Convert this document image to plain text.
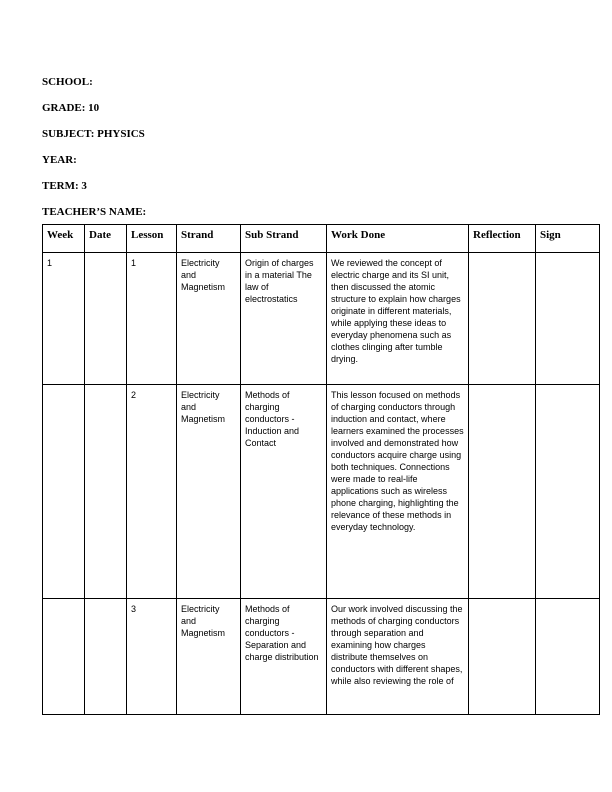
SCHOOL:
GRADE: 10
SUBJECT: PHYSICS
YEAR:
TERM: 3
TEACHER’S NAME:
Week	Date	Lesson	Strand	Sub Strand	Work Done	Reflection	Sign
1		1	Electricity and Magnetism	Origin of charges in a material The law of electrostatics	We reviewed the concept of electric charge and its SI unit, then discussed the atomic structure to explain how charges originate in different materials, while applying these ideas to everyday phenomena such as clothes clinging after tumble drying.		
		2	Electricity and Magnetism	Methods of charging conductors - Induction and Contact	This lesson focused on methods of charging conductors through induction and contact, where learners examined the processes involved and demonstrated how conductors acquire charge using both techniques. Connections were made to real-life applications such as wireless phone charging, highlighting the relevance of these methods in everyday technology.		
		3	Electricity and Magnetism	Methods of charging conductors - Separation and charge distribution	Our work involved discussing the methods of charging conductors through separation and examining how charges distribute themselves on conductors with different shapes, while also reviewing the role of		
